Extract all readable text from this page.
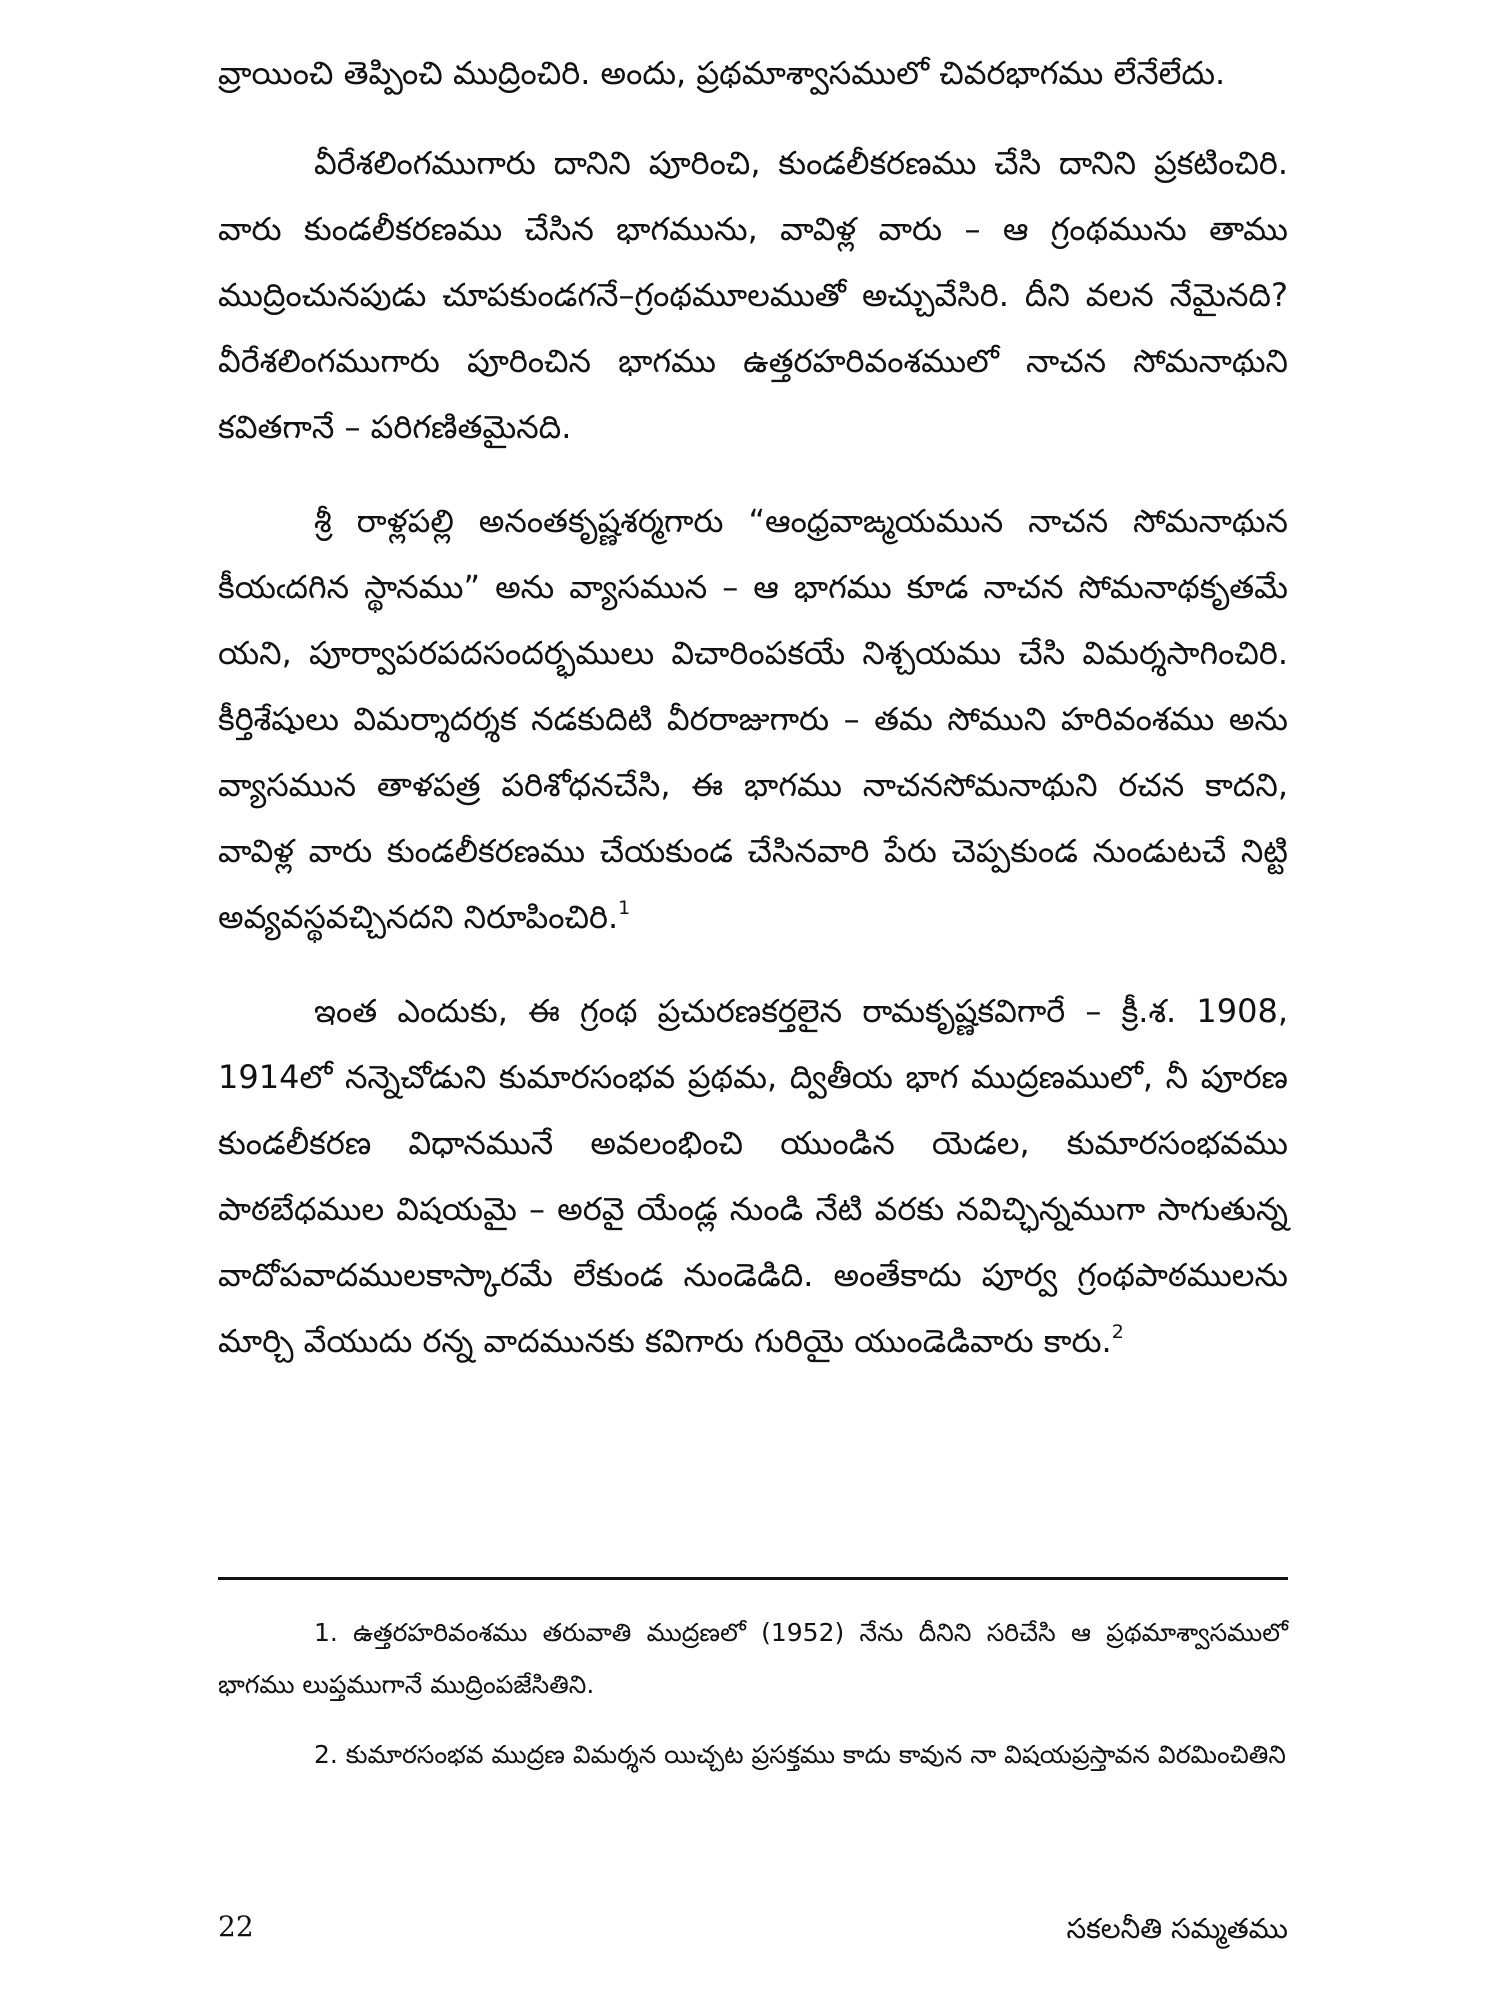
వ్రాయించి తెప్పించి ముద్రించిరి. అందు, ప్రథమాశ్వాసములో చివరభాగము లేనేలేదు.

వీరేశలింగముగారు దానిని పూరించి, కుండలీకరణము చేసి దానిని ప్రకటించిరి. వారు కుండలీకరణము చేసిన భాగమును, వావిళ్ల వారు – ఆ గ్రంథమును తాము ముద్రించునపుడు చూపకుండగనే–గ్రంథమూలముతో అచ్చువేసిరి. దీని వలన నేమైనది? వీరేశలింగముగారు పూరించిన భాగము ఉత్తరహరివంశములో నాచన సోమనాథుని కవితగానే – పరిగణితమైనది.

శ్రీ రాళ్లపల్లి అనంతకృష్ణశర్మగారు “ఆంధ్రవాఙ్మయమున నాచన సోమనాథున కీయఁదగిన స్థానము” అను వ్యాసమున – ఆ భాగము కూడ నాచన సోమనాథకృతమే యని, పూర్వాపరపదసందర్భములు విచారింపకయే నిశ్చయము చేసి విమర్శసాగించిరి. కీర్తిశేషులు విమర్శాదర్శక నడకుదిటి వీరరాజుగారు – తమ సోముని హరివంశము అను వ్యాసమున తాళపత్ర పరిశోధనచేసి, ఈ భాగము నాచనసోమనాథుని రచన కాదని, వావిళ్ల వారు కుండలీకరణము చేయకుండ చేసినవారి పేరు చెప్పకుండ నుండుటచే నిట్టి అవ్యవస్థవచ్చినదని నిరూపించిరి.$^1$

ఇంత ఎందుకు, ఈ గ్రంథ ప్రచురణకర్తలైన రామకృష్ణకవిగారే – క్రీ.శ. 1908, 1914లో నన్నెచోడుని కుమారసంభవ ప్రథమ, ద్వితీయ భాగ ముద్రణములో, నీ పూరణ కుండలీకరణ విధానమునే అవలంభించి యుండిన యెడల, కుమారసంభవము పాఠబేధముల విషయమై – అరవై యేండ్ల నుండి నేటి వరకు నవిచ్ఛిన్నముగా సాగుతున్న వాదోపవాదములకాస్కారమే లేకుండ నుండెడిది. అంతేకాదు పూర్వ గ్రంథపాఠములను మార్చి వేయుదు రన్న వాదమునకు కవిగారు గురియై యుండెడివారు కారు.$^2$

1. ఉత్తరహరివంశము తరువాతి ముద్రణలో (1952) నేను దీనిని సరిచేసి ఆ ప్రథమాశ్వాసములో భాగము లుప్తముగానే ముద్రింపజేసితిని.

2. కుమారసంభవ ముద్రణ విమర్శన యిచ్చట ప్రసక్తము కాదు కావున నా విషయప్రస్తావన విరమించితిని

22	సకలనీతి సమ్మతము
